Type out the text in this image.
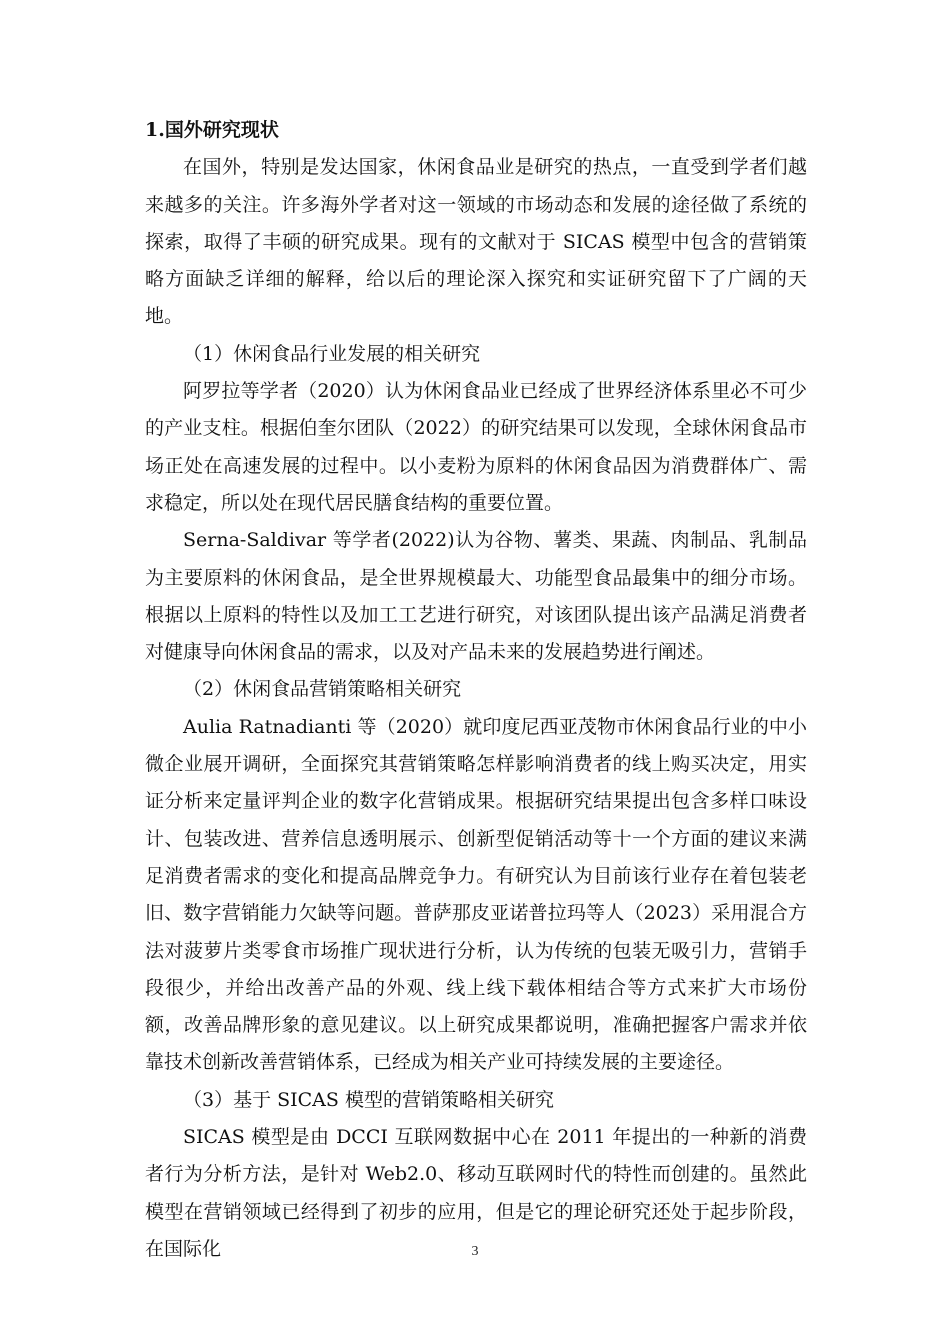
1.国外研究现状

在国外，特别是发达国家，休闲食品业是研究的热点，一直受到学者们越来越多的关注。许多海外学者对这一领域的市场动态和发展的途径做了系统的探索，取得了丰硕的研究成果。现有的文献对于 SICAS 模型中包含的营销策略方面缺乏详细的解释，给以后的理论深入探究和实证研究留下了广阔的天地。

（1）休闲食品行业发展的相关研究

阿罗拉等学者（2020）认为休闲食品业已经成了世界经济体系里必不可少的产业支柱。根据伯奎尔团队（2022）的研究结果可以发现，全球休闲食品市场正处在高速发展的过程中。以小麦粉为原料的休闲食品因为消费群体广、需求稳定，所以处在现代居民膳食结构的重要位置。

Serna-Saldivar 等学者(2022)认为谷物、薯类、果蔬、肉制品、乳制品为主要原料的休闲食品，是全世界规模最大、功能型食品最集中的细分市场。根据以上原料的特性以及加工工艺进行研究，对该团队提出该产品满足消费者对健康导向休闲食品的需求，以及对产品未来的发展趋势进行阐述。

（2）休闲食品营销策略相关研究

Aulia Ratnadianti 等（2020）就印度尼西亚茂物市休闲食品行业的中小微企业展开调研，全面探究其营销策略怎样影响消费者的线上购买决定，用实证分析来定量评判企业的数字化营销成果。根据研究结果提出包含多样口味设计、包装改进、营养信息透明展示、创新型促销活动等十一个方面的建议来满足消费者需求的变化和提高品牌竞争力。有研究认为目前该行业存在着包装老旧、数字营销能力欠缺等问题。普萨那皮亚诺普拉玛等人（2023）采用混合方法对菠萝片类零食市场推广现状进行分析，认为传统的包装无吸引力，营销手段很少，并给出改善产品的外观、线上线下载体相结合等方式来扩大市场份额，改善品牌形象的意见建议。以上研究成果都说明，准确把握客户需求并依靠技术创新改善营销体系，已经成为相关产业可持续发展的主要途径。

（3）基于 SICAS 模型的营销策略相关研究

SICAS 模型是由 DCCI 互联网数据中心在 2011 年提出的一种新的消费者行为分析方法，是针对 Web2.0、移动互联网时代的特性而创建的。虽然此模型在营销领域已经得到了初步的应用，但是它的理论研究还处于起步阶段，在国际化	3
